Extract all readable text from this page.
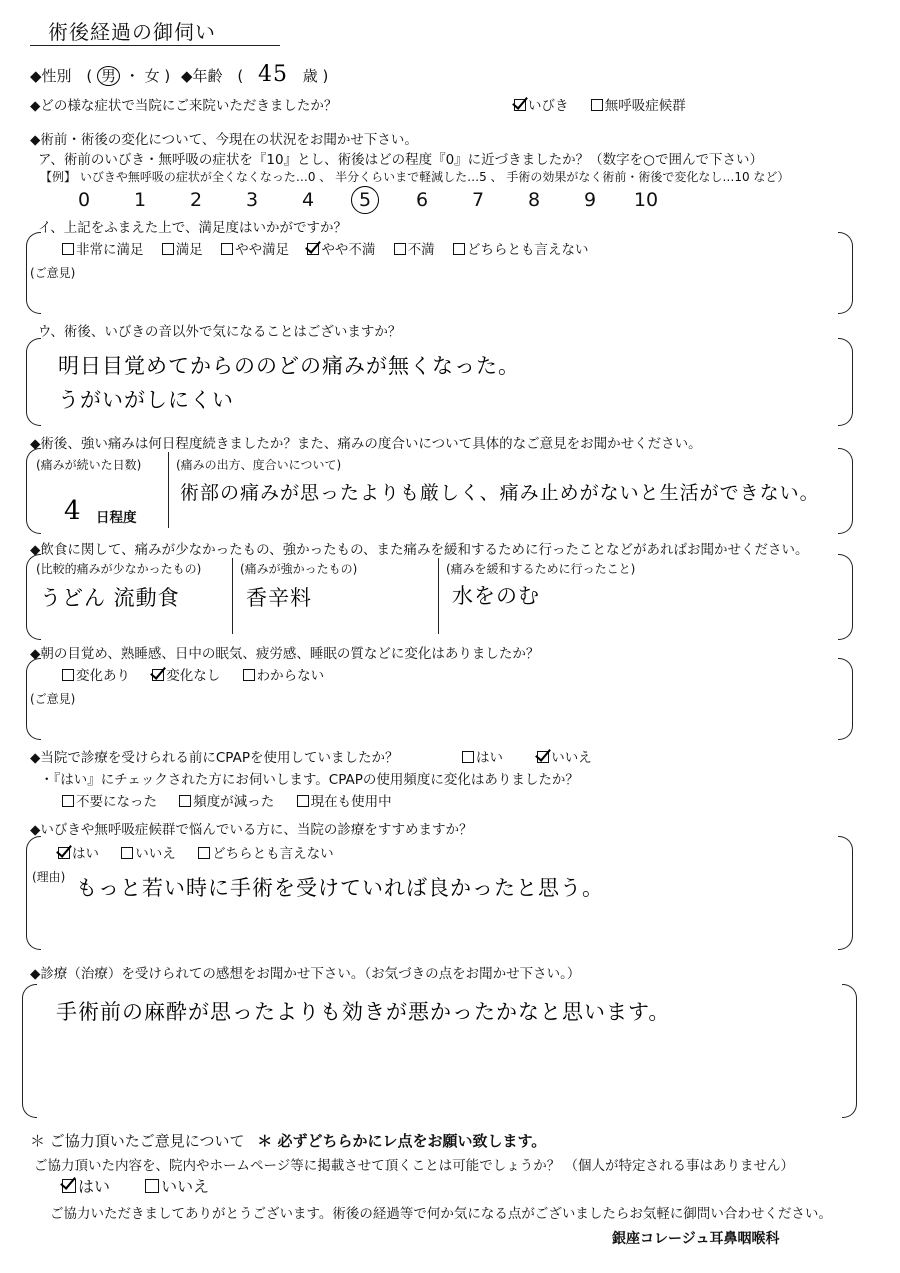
術後経過の御伺い
◆性別 ( 男 ・ 女 ) ◆年齢 ( 45 歳 )
◆どの様な症状で当院にご来院いただきましたか？	いびき	無呼吸症候群
◆術前・術後の変化について、今現在の状況をお聞かせ下さい。
ア、術前のいびき・無呼吸の症状を『10』とし、術後はどの程度『0』に近づきましたか？（数字を○で囲んで下さい）
【例】 いびきや無呼吸の症状が全くなくなった…0 、 半分くらいまで軽減した…5 、 手術の効果がなく術前・術後で変化なし…10 など）
0 1 2 3 4 5 6 7 8 9 10
イ、上記をふまえた上で、満足度はいかがですか？
非常に満足 満足 やや満足 やや不満 不満 どちらとも言えない
(ご意見)
ウ、術後、いびきの音以外で気になることはございますか？
明日目覚めてからののどの痛みが無くなった。
うがいがしにくい
◆術後、強い痛みは何日程度続きましたか？また、痛みの度合いについて具体的なご意見をお聞かせください。
(痛みが続いた日数)
4 日程度
(痛みの出方、度合いについて)
術部の痛みが思ったよりも厳しく、痛み止めがないと生活ができない。
◆飲食に関して、痛みが少なかったもの、強かったもの、また痛みを緩和するために行ったことなどがあればお聞かせください。
(比較的痛みが少なかったもの)
うどん 流動食
(痛みが強かったもの)
香辛料
(痛みを緩和するために行ったこと)
水をのむ
◆朝の目覚め、熟睡感、日中の眠気、疲労感、睡眠の質などに変化はありましたか？
変化あり	変化なし	わからない
(ご意見)
◆当院で診療を受けられる前にCPAPを使用していましたか？	はい	いいえ
・『はい』にチェックされた方にお伺いします。CPAPの使用頻度に変化はありましたか？
不要になった	頻度が減った	現在も使用中
◆いびきや無呼吸症候群で悩んでいる方に、当院の診療をすすめますか？
はい	いいえ	どちらとも言えない
(理由) もっと若い時に手術を受けていれば良かったと思う。
◆診療（治療）を受けられての感想をお聞かせ下さい。（お気づきの点をお聞かせ下さい。）
手術前の麻酔が思ったよりも効きが悪かったかなと思います。
＊ ご協力頂いたご意見について ＊ 必ずどちらかにレ点をお願い致します。
ご協力頂いた内容を、院内やホームページ等に掲載させて頂くことは可能でしょうか？ （個人が特定される事はありません）
はい	いいえ
ご協力いただきましてありがとうございます。術後の経過等で何か気になる点がございましたらお気軽に御問い合わせください。
銀座コレージュ耳鼻咽喉科
